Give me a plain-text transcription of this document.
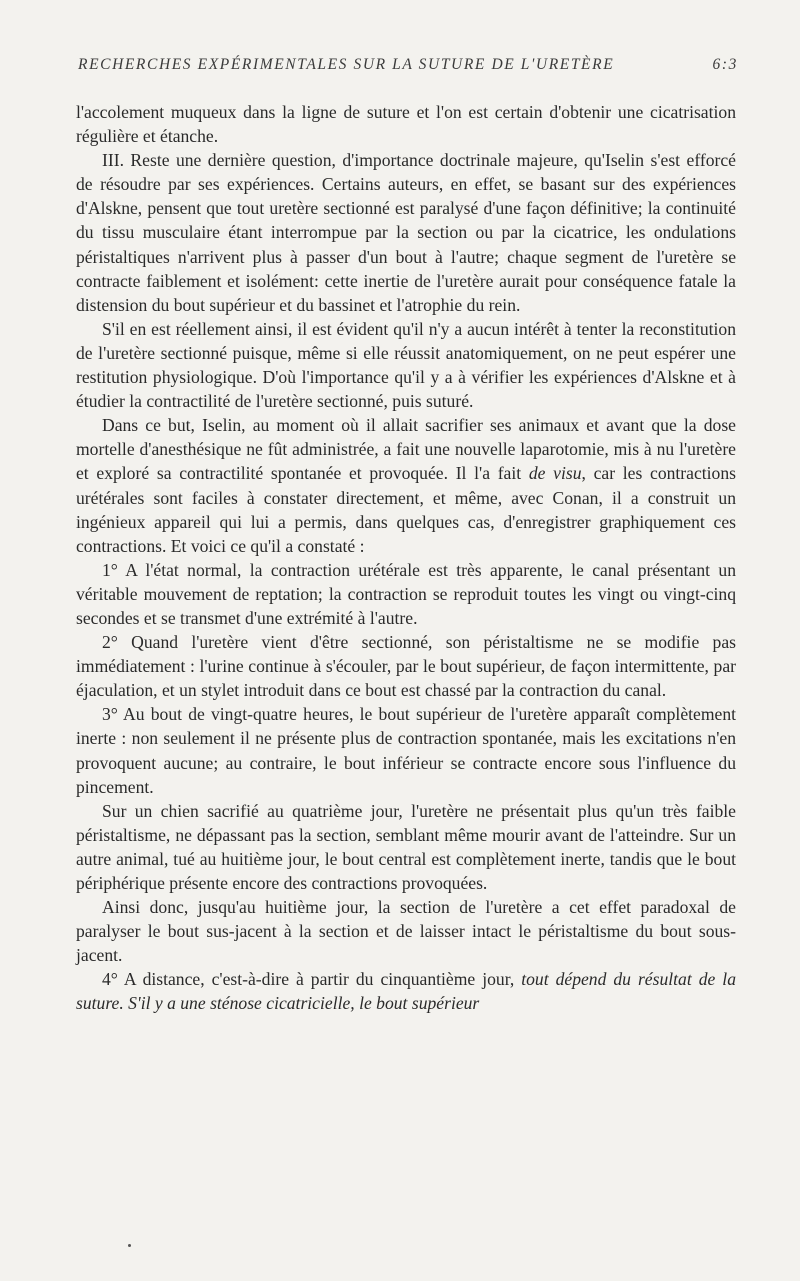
RECHERCHES EXPÉRIMENTALES SUR LA SUTURE DE L'URETÈRE	6:3

l'accolement muqueux dans la ligne de suture et l'on est certain d'obtenir une cicatrisation régulière et étanche.

III. Reste une dernière question, d'importance doctrinale majeure, qu'Iselin s'est efforcé de résoudre par ses expériences. Certains auteurs, en effet, se basant sur des expériences d'Alskne, pensent que tout uretère sectionné est paralysé d'une façon définitive; la continuité du tissu musculaire étant interrompue par la section ou par la cicatrice, les ondulations péristaltiques n'arrivent plus à passer d'un bout à l'autre; chaque segment de l'uretère se contracte faiblement et isolément: cette inertie de l'uretère aurait pour conséquence fatale la distension du bout supérieur et du bassinet et l'atrophie du rein.

S'il en est réellement ainsi, il est évident qu'il n'y a aucun intérêt à tenter la reconstitution de l'uretère sectionné puisque, même si elle réussit anatomiquement, on ne peut espérer une restitution physiologique. D'où l'importance qu'il y a à vérifier les expériences d'Alskne et à étudier la contractilité de l'uretère sectionné, puis suturé.

Dans ce but, Iselin, au moment où il allait sacrifier ses animaux et avant que la dose mortelle d'anesthésique ne fût administrée, a fait une nouvelle laparotomie, mis à nu l'uretère et exploré sa contractilité spontanée et provoquée. Il l'a fait de visu, car les contractions urétérales sont faciles à constater directement, et même, avec Conan, il a construit un ingénieux appareil qui lui a permis, dans quelques cas, d'enregistrer graphiquement ces contractions. Et voici ce qu'il a constaté :

1° A l'état normal, la contraction urétérale est très apparente, le canal présentant un véritable mouvement de reptation; la contraction se reproduit toutes les vingt ou vingt-cinq secondes et se transmet d'une extrémité à l'autre.

2° Quand l'uretère vient d'être sectionné, son péristaltisme ne se modifie pas immédiatement : l'urine continue à s'écouler, par le bout supérieur, de façon intermittente, par éjaculation, et un stylet introduit dans ce bout est chassé par la contraction du canal.

3° Au bout de vingt-quatre heures, le bout supérieur de l'uretère apparaît complètement inerte : non seulement il ne présente plus de contraction spontanée, mais les excitations n'en provoquent aucune; au contraire, le bout inférieur se contracte encore sous l'influence du pincement.

Sur un chien sacrifié au quatrième jour, l'uretère ne présentait plus qu'un très faible péristaltisme, ne dépassant pas la section, semblant même mourir avant de l'atteindre. Sur un autre animal, tué au huitième jour, le bout central est complètement inerte, tandis que le bout périphérique présente encore des contractions provoquées.

Ainsi donc, jusqu'au huitième jour, la section de l'uretère a cet effet paradoxal de paralyser le bout sus-jacent à la section et de laisser intact le péristaltisme du bout sous-jacent.

4° A distance, c'est-à-dire à partir du cinquantième jour, tout dépend du résultat de la suture. S'il y a une sténose cicatricielle, le bout supérieur
